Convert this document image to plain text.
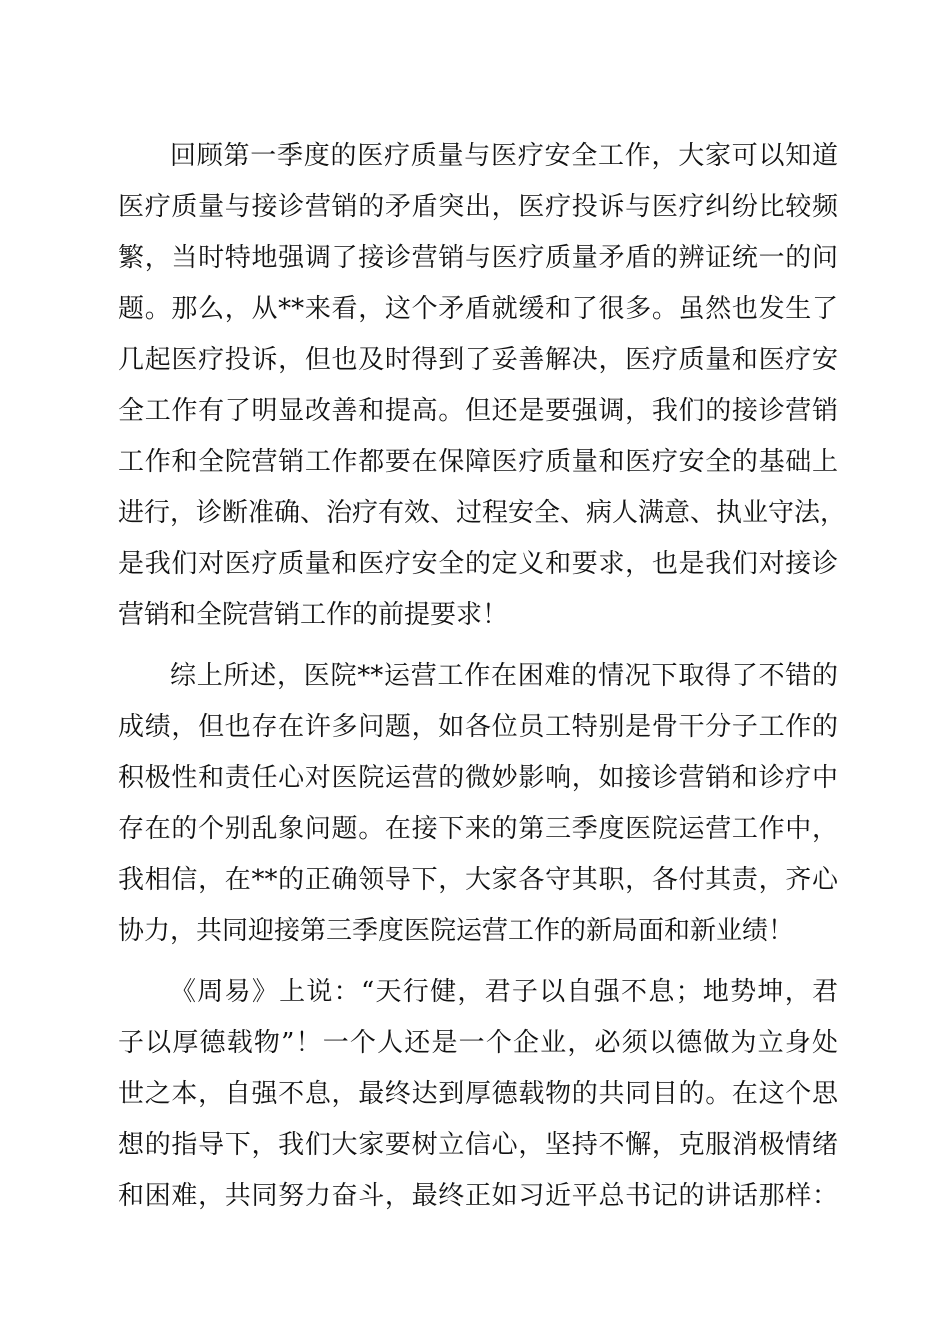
回顾第一季度的医疗质量与医疗安全工作，大家可以知道
医疗质量与接诊营销的矛盾突出，医疗投诉与医疗纠纷比较频
繁，当时特地强调了接诊营销与医疗质量矛盾的辨证统一的问
题。那么，从**来看，这个矛盾就缓和了很多。虽然也发生了
几起医疗投诉，但也及时得到了妥善解决，医疗质量和医疗安
全工作有了明显改善和提高。但还是要强调，我们的接诊营销
工作和全院营销工作都要在保障医疗质量和医疗安全的基础上
进行，诊断准确、治疗有效、过程安全、病人满意、执业守法，
是我们对医疗质量和医疗安全的定义和要求，也是我们对接诊
营销和全院营销工作的前提要求！
综上所述，医院**运营工作在困难的情况下取得了不错的
成绩，但也存在许多问题，如各位员工特别是骨干分子工作的
积极性和责任心对医院运营的微妙影响，如接诊营销和诊疗中
存在的个别乱象问题。在接下来的第三季度医院运营工作中，
我相信，在**的正确领导下，大家各守其职，各付其责，齐心
协力，共同迎接第三季度医院运营工作的新局面和新业绩！
《周易》上说：“天行健，君子以自强不息；地势坤，君
子以厚德载物”！一个人还是一个企业，必须以德做为立身处
世之本，自强不息，最终达到厚德载物的共同目的。在这个思
想的指导下，我们大家要树立信心，坚持不懈，克服消极情绪
和困难，共同努力奋斗，最终正如习近平总书记的讲话那样：
